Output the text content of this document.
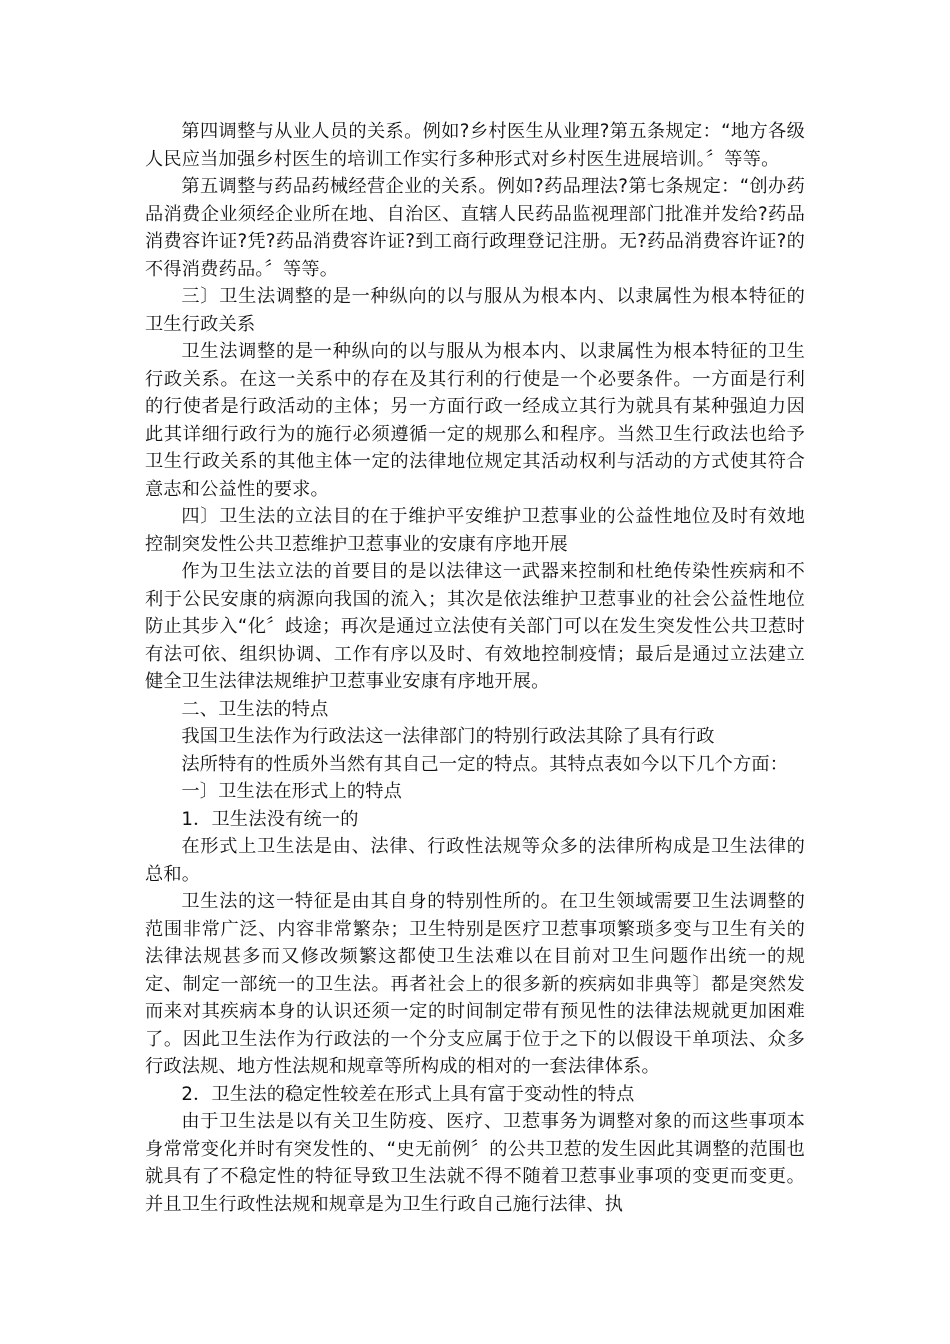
第四调整与从业人员的关系。例如?乡村医生从业理?第五条规定：“地方各级人民应当加强乡村医生的培训工作实行多种形式对乡村医生进展培训。〞等等。

第五调整与药品药械经营企业的关系。例如?药品理法?第七条规定：“创办药品消费企业须经企业所在地、自治区、直辖人民药品监视理部门批准并发给?药品消费容许证?凭?药品消费容许证?到工商行政理登记注册。无?药品消费容许证?的不得消费药品。〞等等。

三〕卫生法调整的是一种纵向的以与服从为根本内、以隶属性为根本特征的卫生行政关系

卫生法调整的是一种纵向的以与服从为根本内、以隶属性为根本特征的卫生行政关系。在这一关系中的存在及其行利的行使是一个必要条件。一方面是行利的行使者是行政活动的主体；另一方面行政一经成立其行为就具有某种强迫力因此其详细行政行为的施行必须遵循一定的规那么和程序。当然卫生行政法也给予卫生行政关系的其他主体一定的法律地位规定其活动权利与活动的方式使其符合意志和公益性的要求。

四〕卫生法的立法目的在于维护平安维护卫惹事业的公益性地位及时有效地控制突发性公共卫惹维护卫惹事业的安康有序地开展

作为卫生法立法的首要目的是以法律这一武器来控制和杜绝传染性疾病和不利于公民安康的病源向我国的流入；其次是依法维护卫惹事业的社会公益性地位防止其步入“化〞歧途；再次是通过立法使有关部门可以在发生突发性公共卫惹时有法可依、组织协调、工作有序以及时、有效地控制疫情；最后是通过立法建立健全卫生法律法规维护卫惹事业安康有序地开展。

二、卫生法的特点

我国卫生法作为行政法这一法律部门的特别行政法其除了具有行政

法所特有的性质外当然有其自己一定的特点。其特点表如今以下几个方面：

一〕卫生法在形式上的特点

1．卫生法没有统一的

在形式上卫生法是由、法律、行政性法规等众多的法律所构成是卫生法律的总和。

卫生法的这一特征是由其自身的特别性所的。在卫生领域需要卫生法调整的范围非常广泛、内容非常繁杂；卫生特别是医疗卫惹事项繁琐多变与卫生有关的法律法规甚多而又修改频繁这都使卫生法难以在目前对卫生问题作出统一的规定、制定一部统一的卫生法。再者社会上的很多新的疾病如非典等〕都是突然发而来对其疾病本身的认识还须一定的时间制定带有预见性的法律法规就更加困难了。因此卫生法作为行政法的一个分支应属于位于之下的以假设干单项法、众多行政法规、地方性法规和规章等所构成的相对的一套法律体系。

2．卫生法的稳定性较差在形式上具有富于变动性的特点

由于卫生法是以有关卫生防疫、医疗、卫惹事务为调整对象的而这些事项本身常常变化并时有突发性的、“史无前例〞的公共卫惹的发生因此其调整的范围也就具有了不稳定性的特征导致卫生法就不得不随着卫惹事业事项的变更而变更。并且卫生行政性法规和规章是为卫生行政自己施行法律、执
